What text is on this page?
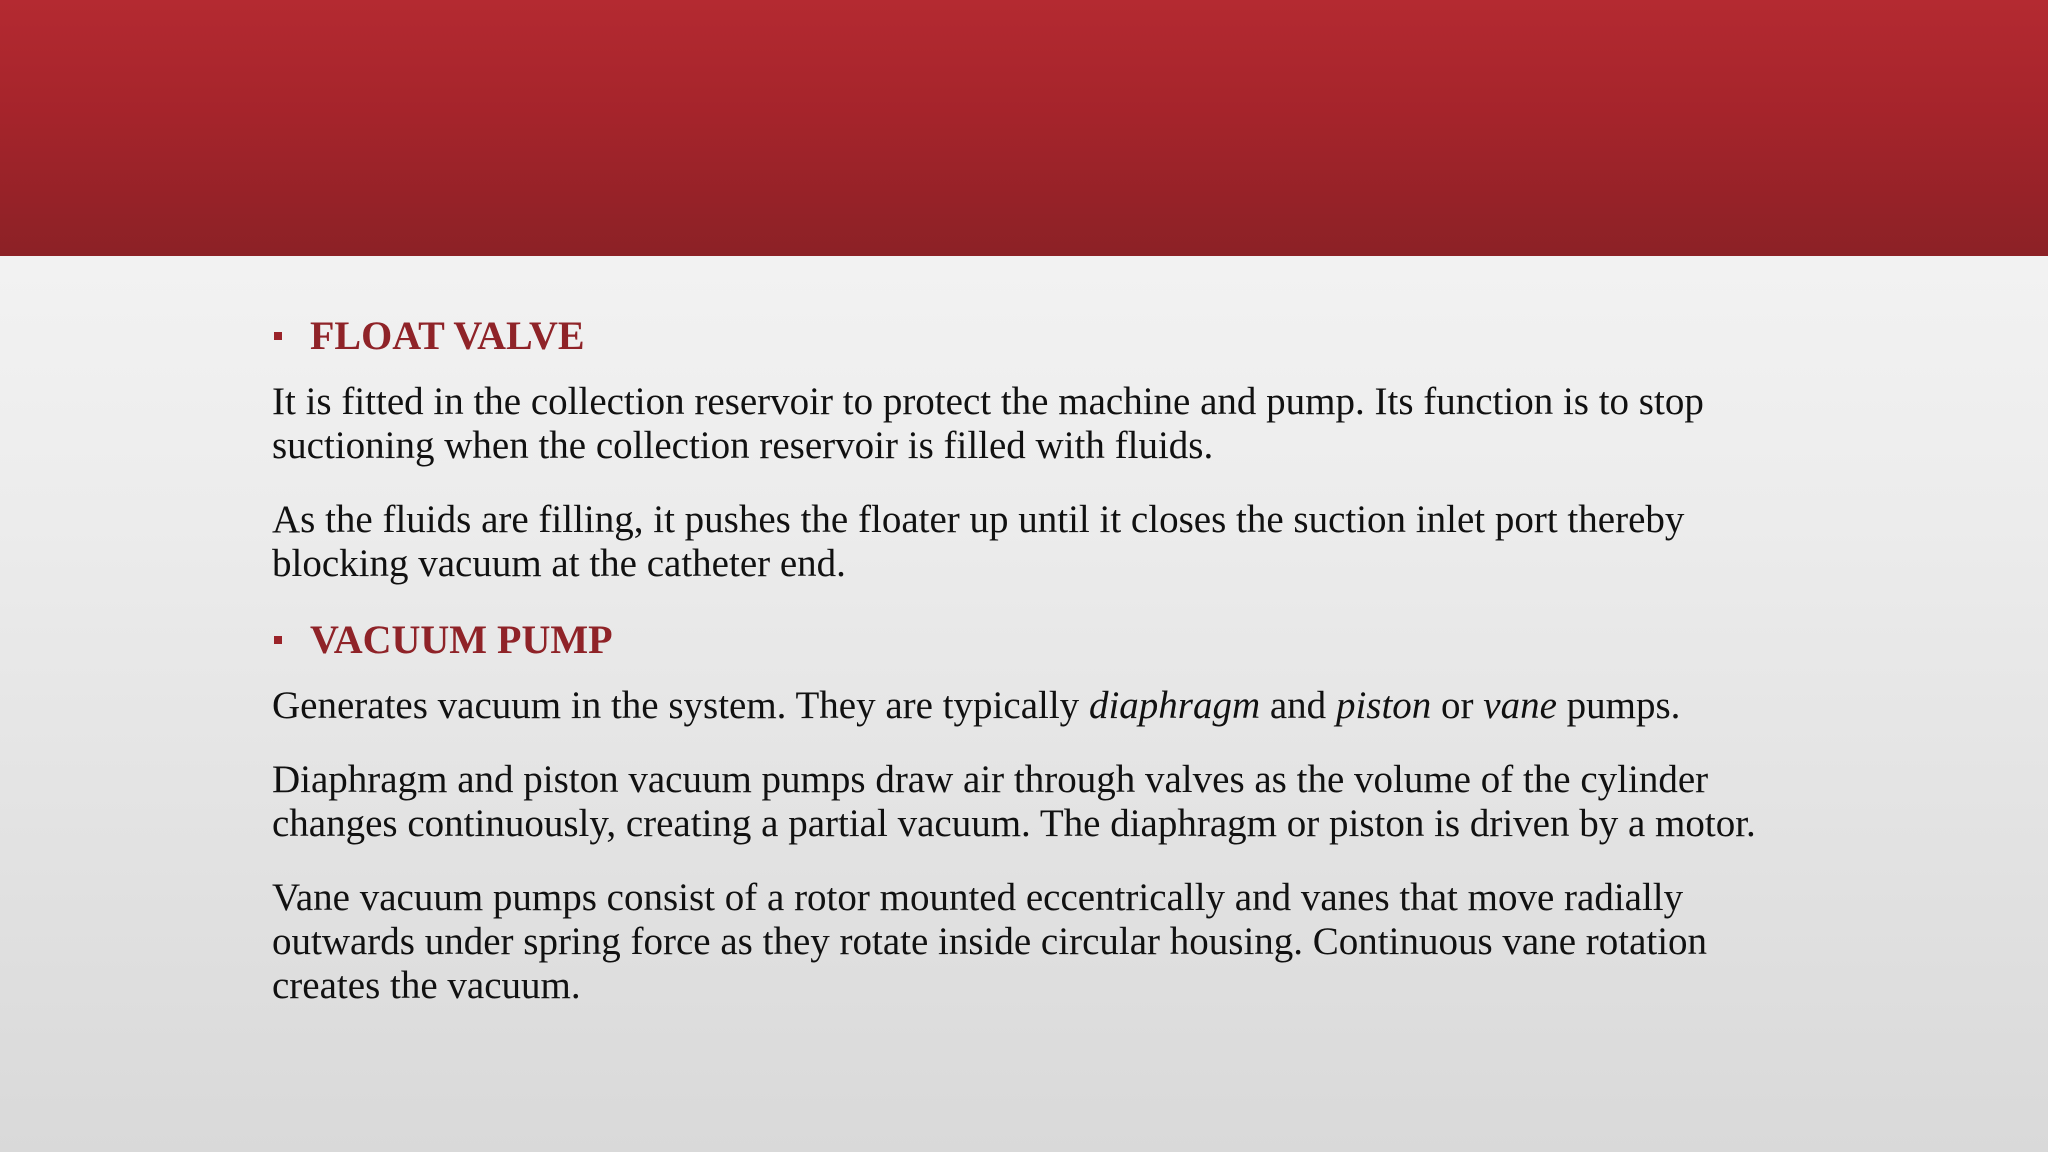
FLOAT VALVE

It is fitted in the collection reservoir to protect the machine and pump. Its function is to stop suctioning when the collection reservoir is filled with fluids.

As the fluids are filling, it pushes the floater up until it closes the suction inlet port thereby blocking vacuum at the catheter end.

VACUUM PUMP

Generates vacuum in the system. They are typically diaphragm and piston or vane pumps.

Diaphragm and piston vacuum pumps draw air through valves as the volume of the cylinder changes continuously, creating a partial vacuum. The diaphragm or piston is driven by a motor.

Vane vacuum pumps consist of a rotor mounted eccentrically and vanes that move radially outwards under spring force as they rotate inside circular housing. Continuous vane rotation creates the vacuum.
